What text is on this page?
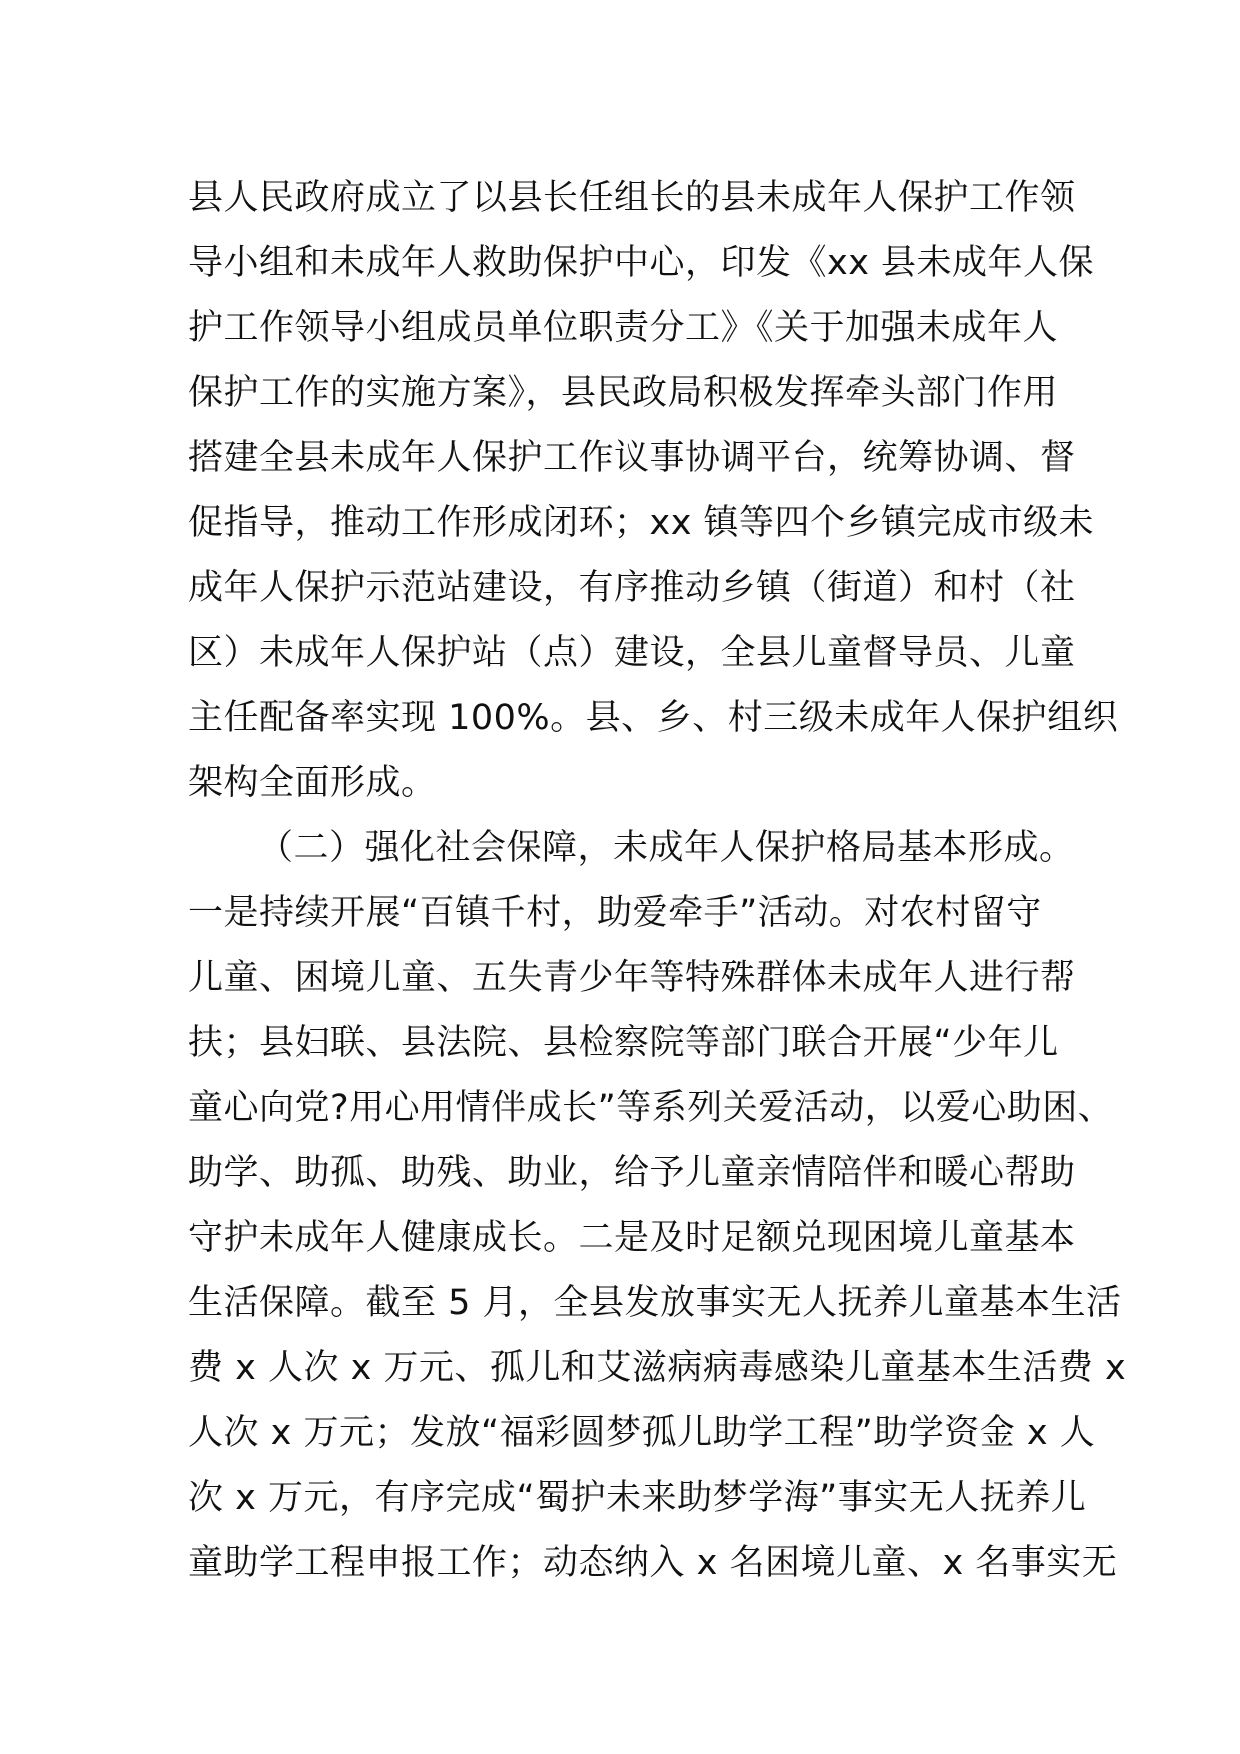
县人民政府成立了以县长任组长的县未成年人保护工作领
导小组和未成年人救助保护中心，印发《xx 县未成年人保
护工作领导小组成员单位职责分工》《关于加强未成年人
保护工作的实施方案》，县民政局积极发挥牵头部门作用
搭建全县未成年人保护工作议事协调平台，统筹协调、督
促指导，推动工作形成闭环；xx 镇等四个乡镇完成市级未
成年人保护示范站建设，有序推动乡镇（街道）和村（社
区）未成年人保护站（点）建设，全县儿童督导员、儿童
主任配备率实现 100%。县、乡、村三级未成年人保护组织
架构全面形成。
（二）强化社会保障，未成年人保护格局基本形成。
一是持续开展“百镇千村，助爱牵手”活动。对农村留守
儿童、困境儿童、五失青少年等特殊群体未成年人进行帮
扶；县妇联、县法院、县检察院等部门联合开展“少年儿
童心向党?用心用情伴成长”等系列关爱活动，以爱心助困、
助学、助孤、助残、助业，给予儿童亲情陪伴和暖心帮助
守护未成年人健康成长。二是及时足额兑现困境儿童基本
生活保障。截至 5 月，全县发放事实无人抚养儿童基本生活
费 x 人次 x 万元、孤儿和艾滋病病毒感染儿童基本生活费 x
人次 x 万元；发放“福彩圆梦孤儿助学工程”助学资金 x 人
次 x 万元，有序完成“蜀护未来助梦学海”事实无人抚养儿
童助学工程申报工作；动态纳入 x 名困境儿童、x 名事实无
